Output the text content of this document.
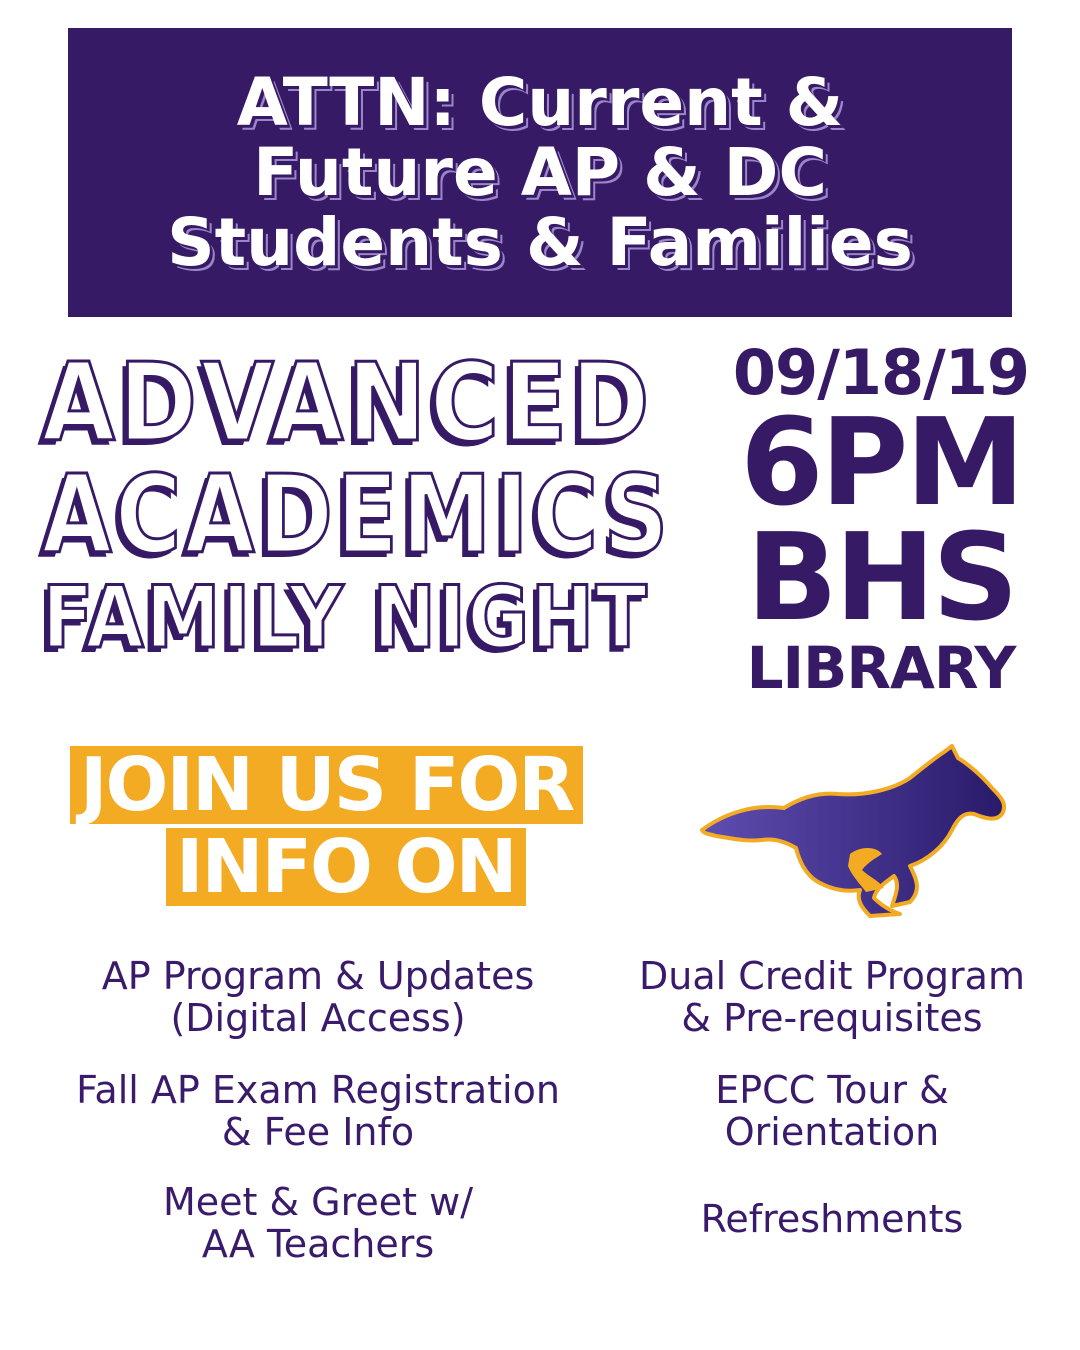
ATTN: Current &
Future AP & DC
Students & Families
ADVANCED
ACADEMICS
FAMILY NIGHT
09/18/19
6PM
BHS
LIBRARY
JOIN US FOR
INFO ON
AP Program & Updates
(Digital Access)
Fall AP Exam Registration
& Fee Info
Meet & Greet w/
AA Teachers
Dual Credit Program
& Pre-requisites
EPCC Tour &
Orientation
Refreshments
